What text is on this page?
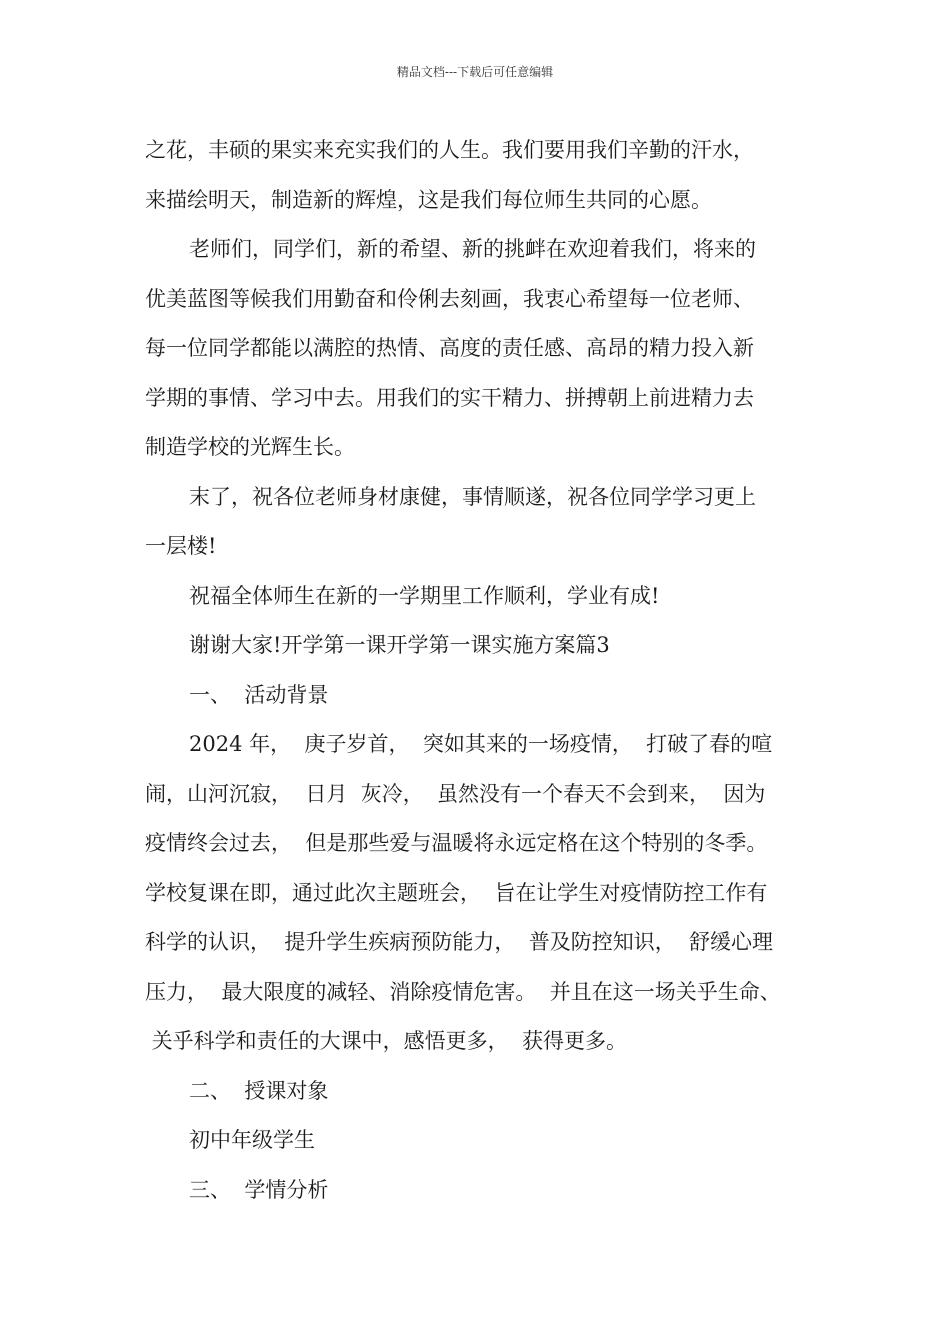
精品文档---下载后可任意编辑
之花，丰硕的果实来充实我们的人生。我们要用我们辛勤的汗水，
来描绘明天，制造新的辉煌，这是我们每位师生共同的心愿。
老师们，同学们，新的希望、新的挑衅在欢迎着我们，将来的
优美蓝图等候我们用勤奋和伶俐去刻画，我衷心希望每一位老师、
每一位同学都能以满腔的热情、高度的责任感、高昂的精力投入新
学期的事情、学习中去。用我们的实干精力、拼搏朝上前进精力去
制造学校的光辉生长。
末了，祝各位老师身材康健，事情顺遂，祝各位同学学习更上
一层楼!
祝福全体师生在新的一学期里工作顺利，学业有成!
谢谢大家!开学第一课开学第一课实施方案篇3
一、  活动背景
2024 年，  庚子岁首，  突如其来的一场疫情，  打破了春的喧
闹，山河沉寂，  日月  灰冷，  虽然没有一个春天不会到来，  因为
疫情终会过去，  但是那些爱与温暖将永远定格在这个特别的冬季。
学校复课在即，通过此次主题班会，  旨在让学生对疫情防控工作有
科学的认识，  提升学生疾病预防能力，  普及防控知识，  舒缓心理
压力，  最大限度的减轻、消除疫情危害。  并且在这一场关乎生命、
关乎科学和责任的大课中，感悟更多，  获得更多。
二、  授课对象
初中年级学生
三、  学情分析
